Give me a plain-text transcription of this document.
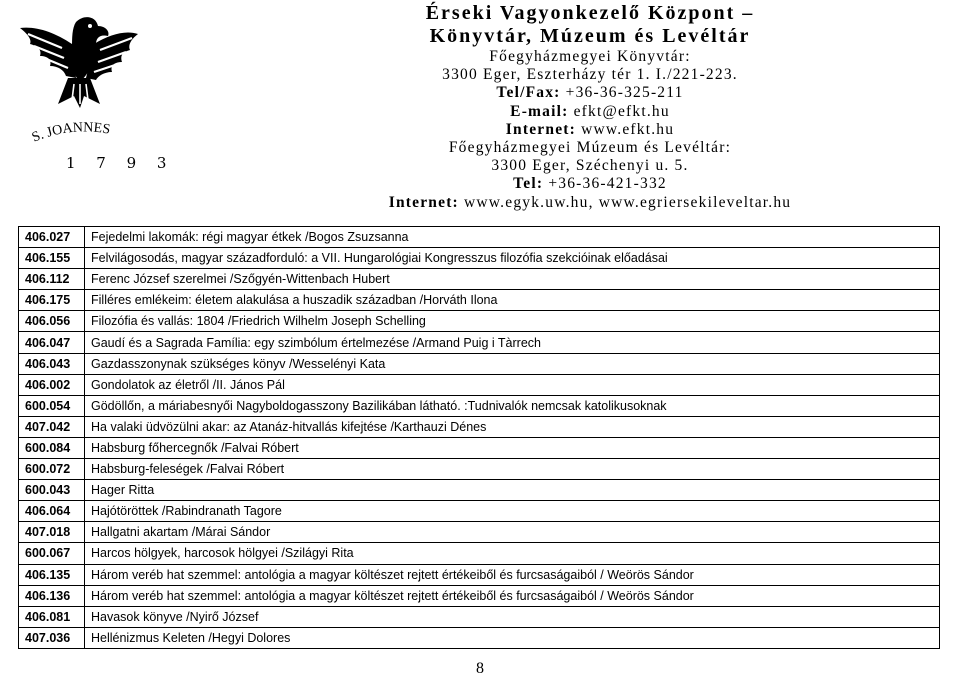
S. JOANNES
1 7 9 3
Érseki Vagyonkezelő Központ –
Könyvtár, Múzeum és Levéltár
Főegyházmegyei Könyvtár:
3300 Eger, Eszterházy tér 1. I./221-223.
Tel/Fax: +36-36-325-211
E-mail: efkt@efkt.hu
Internet: www.efkt.hu
Főegyházmegyei Múzeum és Levéltár:
3300 Eger, Széchenyi u. 5.
Tel: +36-36-421-332
Internet: www.egyk.uw.hu, www.egriersekileveltar.hu
406.027	Fejedelmi lakomák: régi magyar étkek /Bogos Zsuzsanna
406.155	Felvilágosodás, magyar századforduló: a VII. Hungarológiai Kongresszus filozófia szekcióinak előadásai
406.112	Ferenc József szerelmei /Szőgyén-Wittenbach Hubert
406.175	Filléres emlékeim: életem alakulása a huszadik században /Horváth Ilona
406.056	Filozófia és vallás: 1804 /Friedrich Wilhelm Joseph Schelling
406.047	Gaudí és a Sagrada Família: egy szimbólum értelmezése /Armand Puig i Tàrrech
406.043	Gazdasszonynak szükséges könyv /Wesselényi Kata
406.002	Gondolatok az életről /II. János Pál
600.054	Gödöllőn, a máriabesnyői Nagyboldogasszony Bazilikában látható. :Tudnivalók nemcsak katolikusoknak
407.042	Ha valaki üdvözülni akar: az Atanáz-hitvallás kifejtése /Karthauzi Dénes
600.084	Habsburg főhercegnők /Falvai Róbert
600.072	Habsburg-feleségek /Falvai Róbert
600.043	Hager Ritta
406.064	Hajótöröttek /Rabindranath Tagore
407.018	Hallgatni akartam /Márai Sándor
600.067	Harcos hölgyek, harcosok hölgyei /Szilágyi Rita
406.135	Három veréb hat szemmel: antológia a magyar költészet rejtett értékeiből és furcsaságaiból / Weörös Sándor
406.136	Három veréb hat szemmel: antológia a magyar költészet rejtett értékeiből és furcsaságaiból / Weörös Sándor
406.081	Havasok könyve /Nyirő József
407.036	Hellénizmus Keleten /Hegyi Dolores
8
